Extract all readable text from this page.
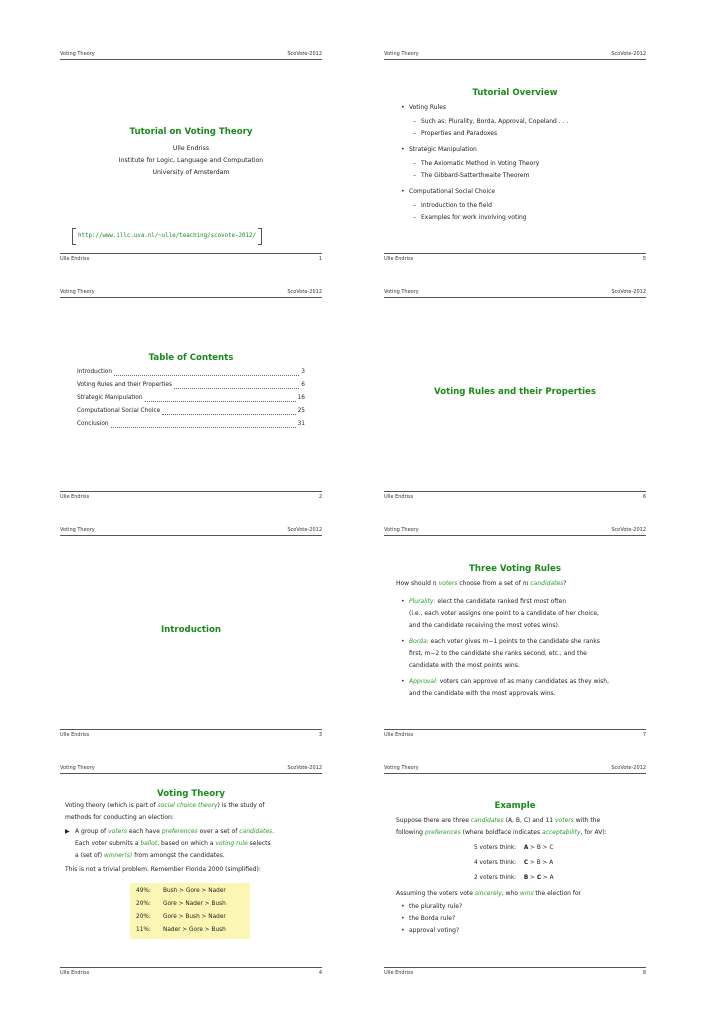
Voting Theory	ScoVote-2012
Tutorial on Voting Theory
Ulle Endriss
Institute for Logic, Language and Computation
University of Amsterdam
http://www.illc.uva.nl/~ulle/teaching/scovote-2012/
Ulle Endriss	1
Voting Theory	ScoVote-2012
Tutorial Overview
• Voting Rules
– Such as: Plurality, Borda, Approval, Copeland . . .
– Properties and Paradoxes
• Strategic Manipulation
– The Axiomatic Method in Voting Theory
– The Gibbard-Satterthwaite Theorem
• Computational Social Choice
– Introduction to the field
– Examples for work involving voting
Ulle Endriss	5
Voting Theory	ScoVote-2012
Table of Contents
Introduction	3
Voting Rules and their Properties	6
Strategic Manipulation	16
Computational Social Choice	25
Conclusion	31
Ulle Endriss	2
Voting Theory	ScoVote-2012
Voting Rules and their Properties
Ulle Endriss	6
Voting Theory	ScoVote-2012
Introduction
Ulle Endriss	3
Voting Theory	ScoVote-2012
Three Voting Rules
How should n voters choose from a set of m candidates?
• Plurality: elect the candidate ranked first most often
(i.e., each voter assigns one point to a candidate of her choice,
and the candidate receiving the most votes wins).
• Borda: each voter gives m−1 points to the candidate she ranks
first, m−2 to the candidate she ranks second, etc., and the
candidate with the most points wins.
• Approval: voters can approve of as many candidates as they wish,
and the candidate with the most approvals wins.
Ulle Endriss	7
Voting Theory	ScoVote-2012
Voting Theory
Voting theory (which is part of social choice theory) is the study of
methods for conducting an election:
▶ A group of voters each have preferences over a set of candidates.
Each voter submits a ballot, based on which a voting rule selects
a (set of) winner(s) from amongst the candidates.
This is not a trivial problem. Remember Florida 2000 (simplified):
49%:	Bush ≻ Gore ≻ Nader
20%:	Gore ≻ Nader ≻ Bush
20%:	Gore ≻ Bush ≻ Nader
11%:	Nader ≻ Gore ≻ Bush
Ulle Endriss	4
Voting Theory	ScoVote-2012
Example
Suppose there are three candidates (A, B, C) and 11 voters with the
following preferences (where boldface indicates acceptability, for AV):
5 voters think:
	A ≻ B ≻ C
4 voters think:
	C ≻ B ≻ A
2 voters think:
	B ≻ C ≻ A
Assuming the voters vote sincerely, who wins the election for
• the plurality rule?
• the Borda rule?
• approval voting?
Ulle Endriss	8
